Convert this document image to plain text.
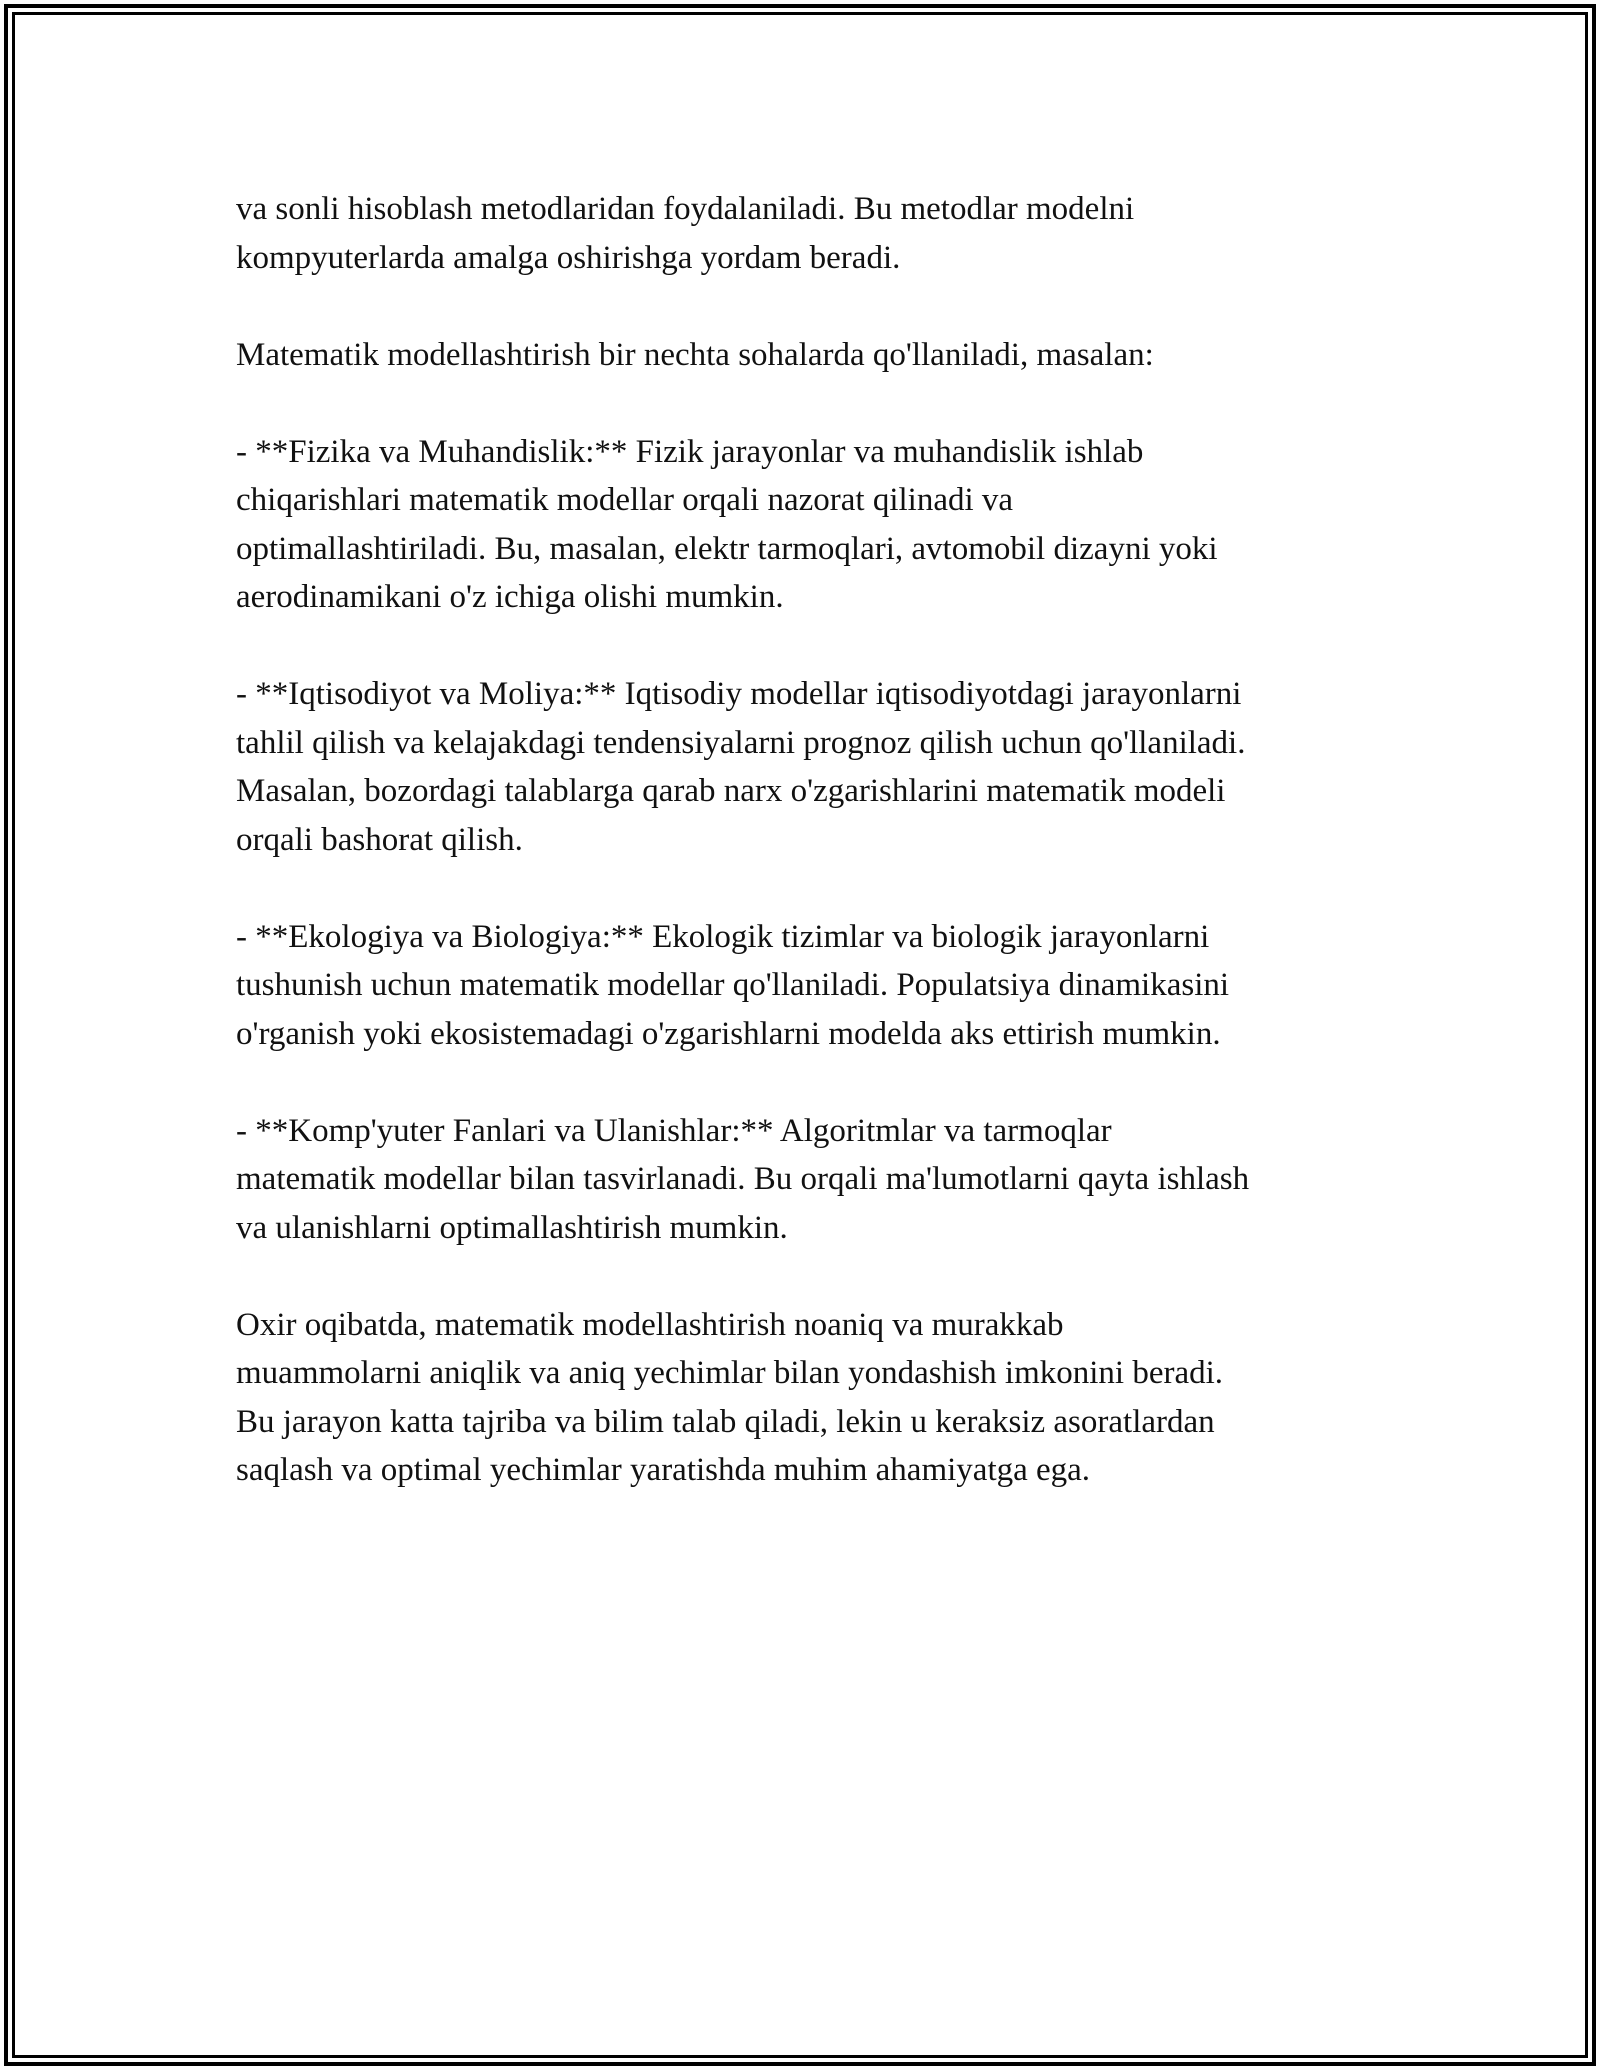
va sonli hisoblash metodlaridan foydalaniladi. Bu metodlar modelni
kompyuterlarda amalga oshirishga yordam beradi.

Matematik modellashtirish bir nechta sohalarda qo'llaniladi, masalan:

- **Fizika va Muhandislik:** Fizik jarayonlar va muhandislik ishlab
chiqarishlari matematik modellar orqali nazorat qilinadi va
optimallashtiriladi. Bu, masalan, elektr tarmoqlari, avtomobil dizayni yoki
aerodinamikani o'z ichiga olishi mumkin.

- **Iqtisodiyot va Moliya:** Iqtisodiy modellar iqtisodiyotdagi jarayonlarni
tahlil qilish va kelajakdagi tendensiyalarni prognoz qilish uchun qo'llaniladi.
Masalan, bozordagi talablarga qarab narx o'zgarishlarini matematik modeli
orqali bashorat qilish.

- **Ekologiya va Biologiya:** Ekologik tizimlar va biologik jarayonlarni
tushunish uchun matematik modellar qo'llaniladi. Populatsiya dinamikasini
o'rganish yoki ekosistemadagi o'zgarishlarni modelda aks ettirish mumkin.

- **Komp'yuter Fanlari va Ulanishlar:** Algoritmlar va tarmoqlar
matematik modellar bilan tasvirlanadi. Bu orqali ma'lumotlarni qayta ishlash
va ulanishlarni optimallashtirish mumkin.

Oxir oqibatda, matematik modellashtirish noaniq va murakkab
muammolarni aniqlik va aniq yechimlar bilan yondashish imkonini beradi.
Bu jarayon katta tajriba va bilim talab qiladi, lekin u keraksiz asoratlardan
saqlash va optimal yechimlar yaratishda muhim ahamiyatga ega.
